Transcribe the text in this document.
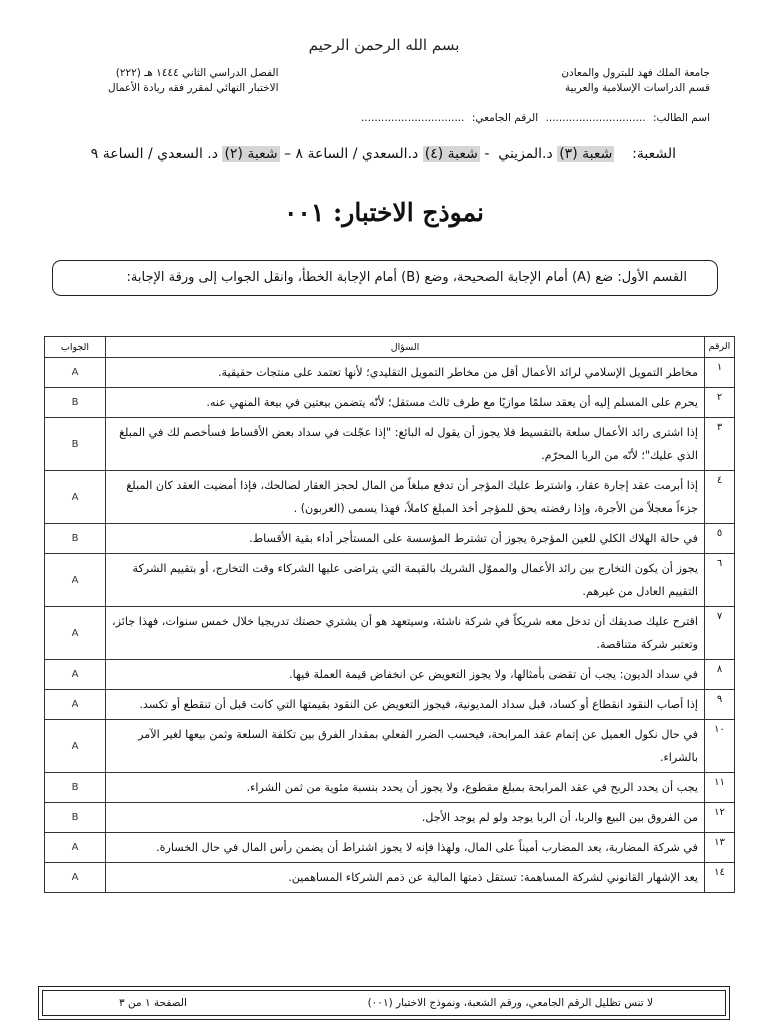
بسم الله الرحمن الرحيم
جامعة الملك فهد للبترول والمعادن
قسم الدراسات الإسلامية والعربية
الفصل الدراسي الثاني ١٤٤٤ هـ (٢٢٢)
الاختبار النهائي لمقرر فقه ريادة الأعمال
اسم الطالب: .............................. الرقم الجامعي: ...............................
الشعبة:    شعبة (٣) د.المزيني  - شعبة (٤) د.السعدي / الساعة ٨ – شعبة (٢) د. السعدي / الساعة ٩
نموذج الاختبار: ٠٠١
القسم الأول: ضع (A) أمام الإجابة الصحيحة، وضع (B) أمام الإجابة الخطأ، وانقل الجواب إلى ورقة الإجابة:
الرقم	السؤال	الجواب
١	مخاطر التمويل الإسلامي لرائد الأعمال أقل من مخاطر التمويل التقليدي؛ لأنها تعتمد على منتجات حقيقية.	A
٢	يحرم على المسلم إليه أن يعقد سلمًا موازيًا مع طرف ثالث مستقل؛ لأنّه يتضمن بيعتين في بيعة المنهي عنه.	B
٣	إذا اشترى رائد الأعمال سلعة بالتقسيط فلا يجوز أن يقول له البائع: "إذا عجّلت في سداد بعض الأقساط فسأخصم لك في المبلغ الذي عليك"؛ لأنّه من الربا المحرّم.	B
٤	إذا أبرمت عقد إجارة عقار، واشترط عليك المؤجر أن تدفع مبلغاً من المال لحجز العقار لصالحك، فإذا أمضيت العقد كان المبلغ جزءاً معجلاً من الأجرة، وإذا رفضته يحق للمؤجر أخذ المبلغ كاملاً، فهذا يسمى (العربون) .	A
٥	في حالة الهلاك الكلي للعين المؤجرة يجوز أن تشترط المؤسسة على المستأجر أداء بقية الأقساط.	B
٦	يجوز أن يكون التخارج بين رائد الأعمال والمموّل الشريك بالقيمة التي يتراضى عليها الشركاء وقت التخارج، أو بتقييم الشركة التقييم العادل من غيرهم.	A
٧	اقترح عليك صديقك أن تدخل معه شريكاً في شركة ناشئة، وسيتعهد هو أن يشتري حصتك تدريجيا خلال خمس سنوات، فهذا جائز، وتعتبر شركة متناقصة.	A
٨	في سداد الديون: يجب أن تقضى بأمثالها، ولا يجوز التعويض عن انخفاض قيمة العملة فيها.	A
٩	إذا أصاب النقود انقطاع أو كساد، قبل سداد المديونية، فيجوز التعويض عن النقود بقيمتها التي كانت قبل أن تنقطع أو تكسد.	A
١٠	في حال نكول العميل عن إتمام عقد المرابحة، فيحسب الضرر الفعلي بمقدار الفرق بين تكلفة السلعة وثمن بيعها لغير الآمر بالشراء.	A
١١	يجب أن يحدد الربح في عقد المرابحة بمبلغ مقطوع، ولا يجوز أن يحدد بنسبة مئوية من ثمن الشراء.	B
١٢	من الفروق بين البيع والربا، أن الربا يوجد ولو لم يوجد الأجل.	B
١٣	في شركة المضاربة، يعد المضارب أميناً على المال، ولهذا فإنه لا يجوز اشتراط أن يضمن رأس المال في حال الخسارة.	A
١٤	يعد الإشهار القانوني لشركة المساهمة: تستقل ذمتها المالية عن ذمم الشركاء المساهمين.	A
لا تنس تظليل الرقم الجامعي، ورقم الشعبة، ونموذج الاختبار (٠٠١)
الصفحة ١ من ٣
